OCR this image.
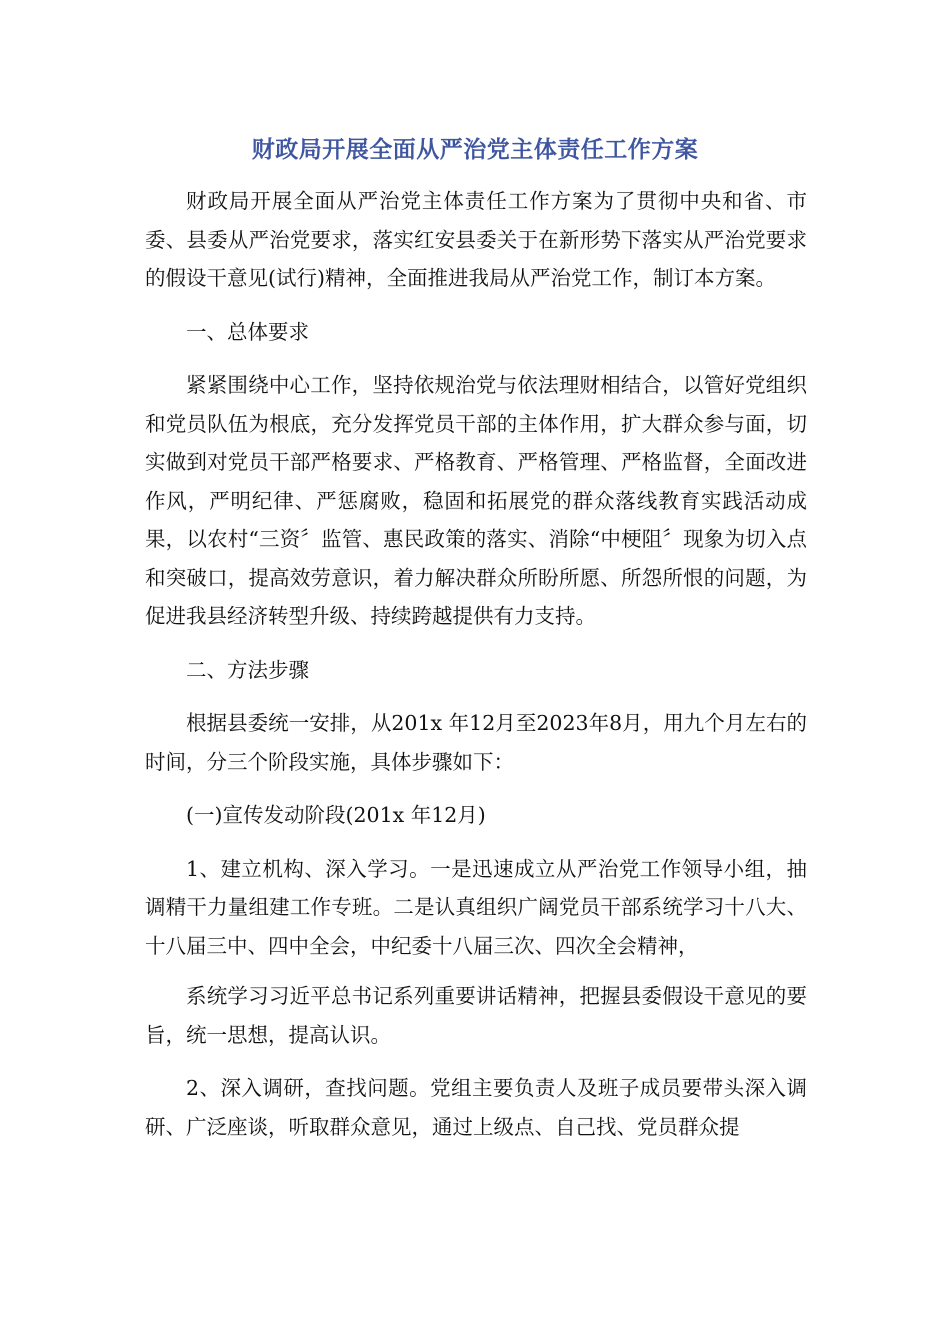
财政局开展全面从严治党主体责任工作方案

财政局开展全面从严治党主体责任工作方案为了贯彻中央和省、市委、县委从严治党要求，落实红安县委关于在新形势下落实从严治党要求的假设干意见(试行)精神，全面推进我局从严治党工作，制订本方案。

一、总体要求

紧紧围绕中心工作，坚持依规治党与依法理财相结合，以管好党组织和党员队伍为根底，充分发挥党员干部的主体作用，扩大群众参与面，切实做到对党员干部严格要求、严格教育、严格管理、严格监督，全面改进作风，严明纪律、严惩腐败，稳固和拓展党的群众落线教育实践活动成果，以农村“三资〞监管、惠民政策的落实、消除“中梗阻〞现象为切入点和突破口，提高效劳意识，着力解决群众所盼所愿、所怨所恨的问题，为促进我县经济转型升级、持续跨越提供有力支持。

二、方法步骤

根据县委统一安排，从201x 年12月至2023年8月，用九个月左右的时间，分三个阶段实施，具体步骤如下：

(一)宣传发动阶段(201x 年12月)

1、建立机构、深入学习。一是迅速成立从严治党工作领导小组，抽调精干力量组建工作专班。二是认真组织广阔党员干部系统学习十八大、十八届三中、四中全会，中纪委十八届三次、四次全会精神，

系统学习习近平总书记系列重要讲话精神，把握县委假设干意见的要旨，统一思想，提高认识。

2、深入调研，查找问题。党组主要负责人及班子成员要带头深入调研、广泛座谈，听取群众意见，通过上级点、自己找、党员群众提
